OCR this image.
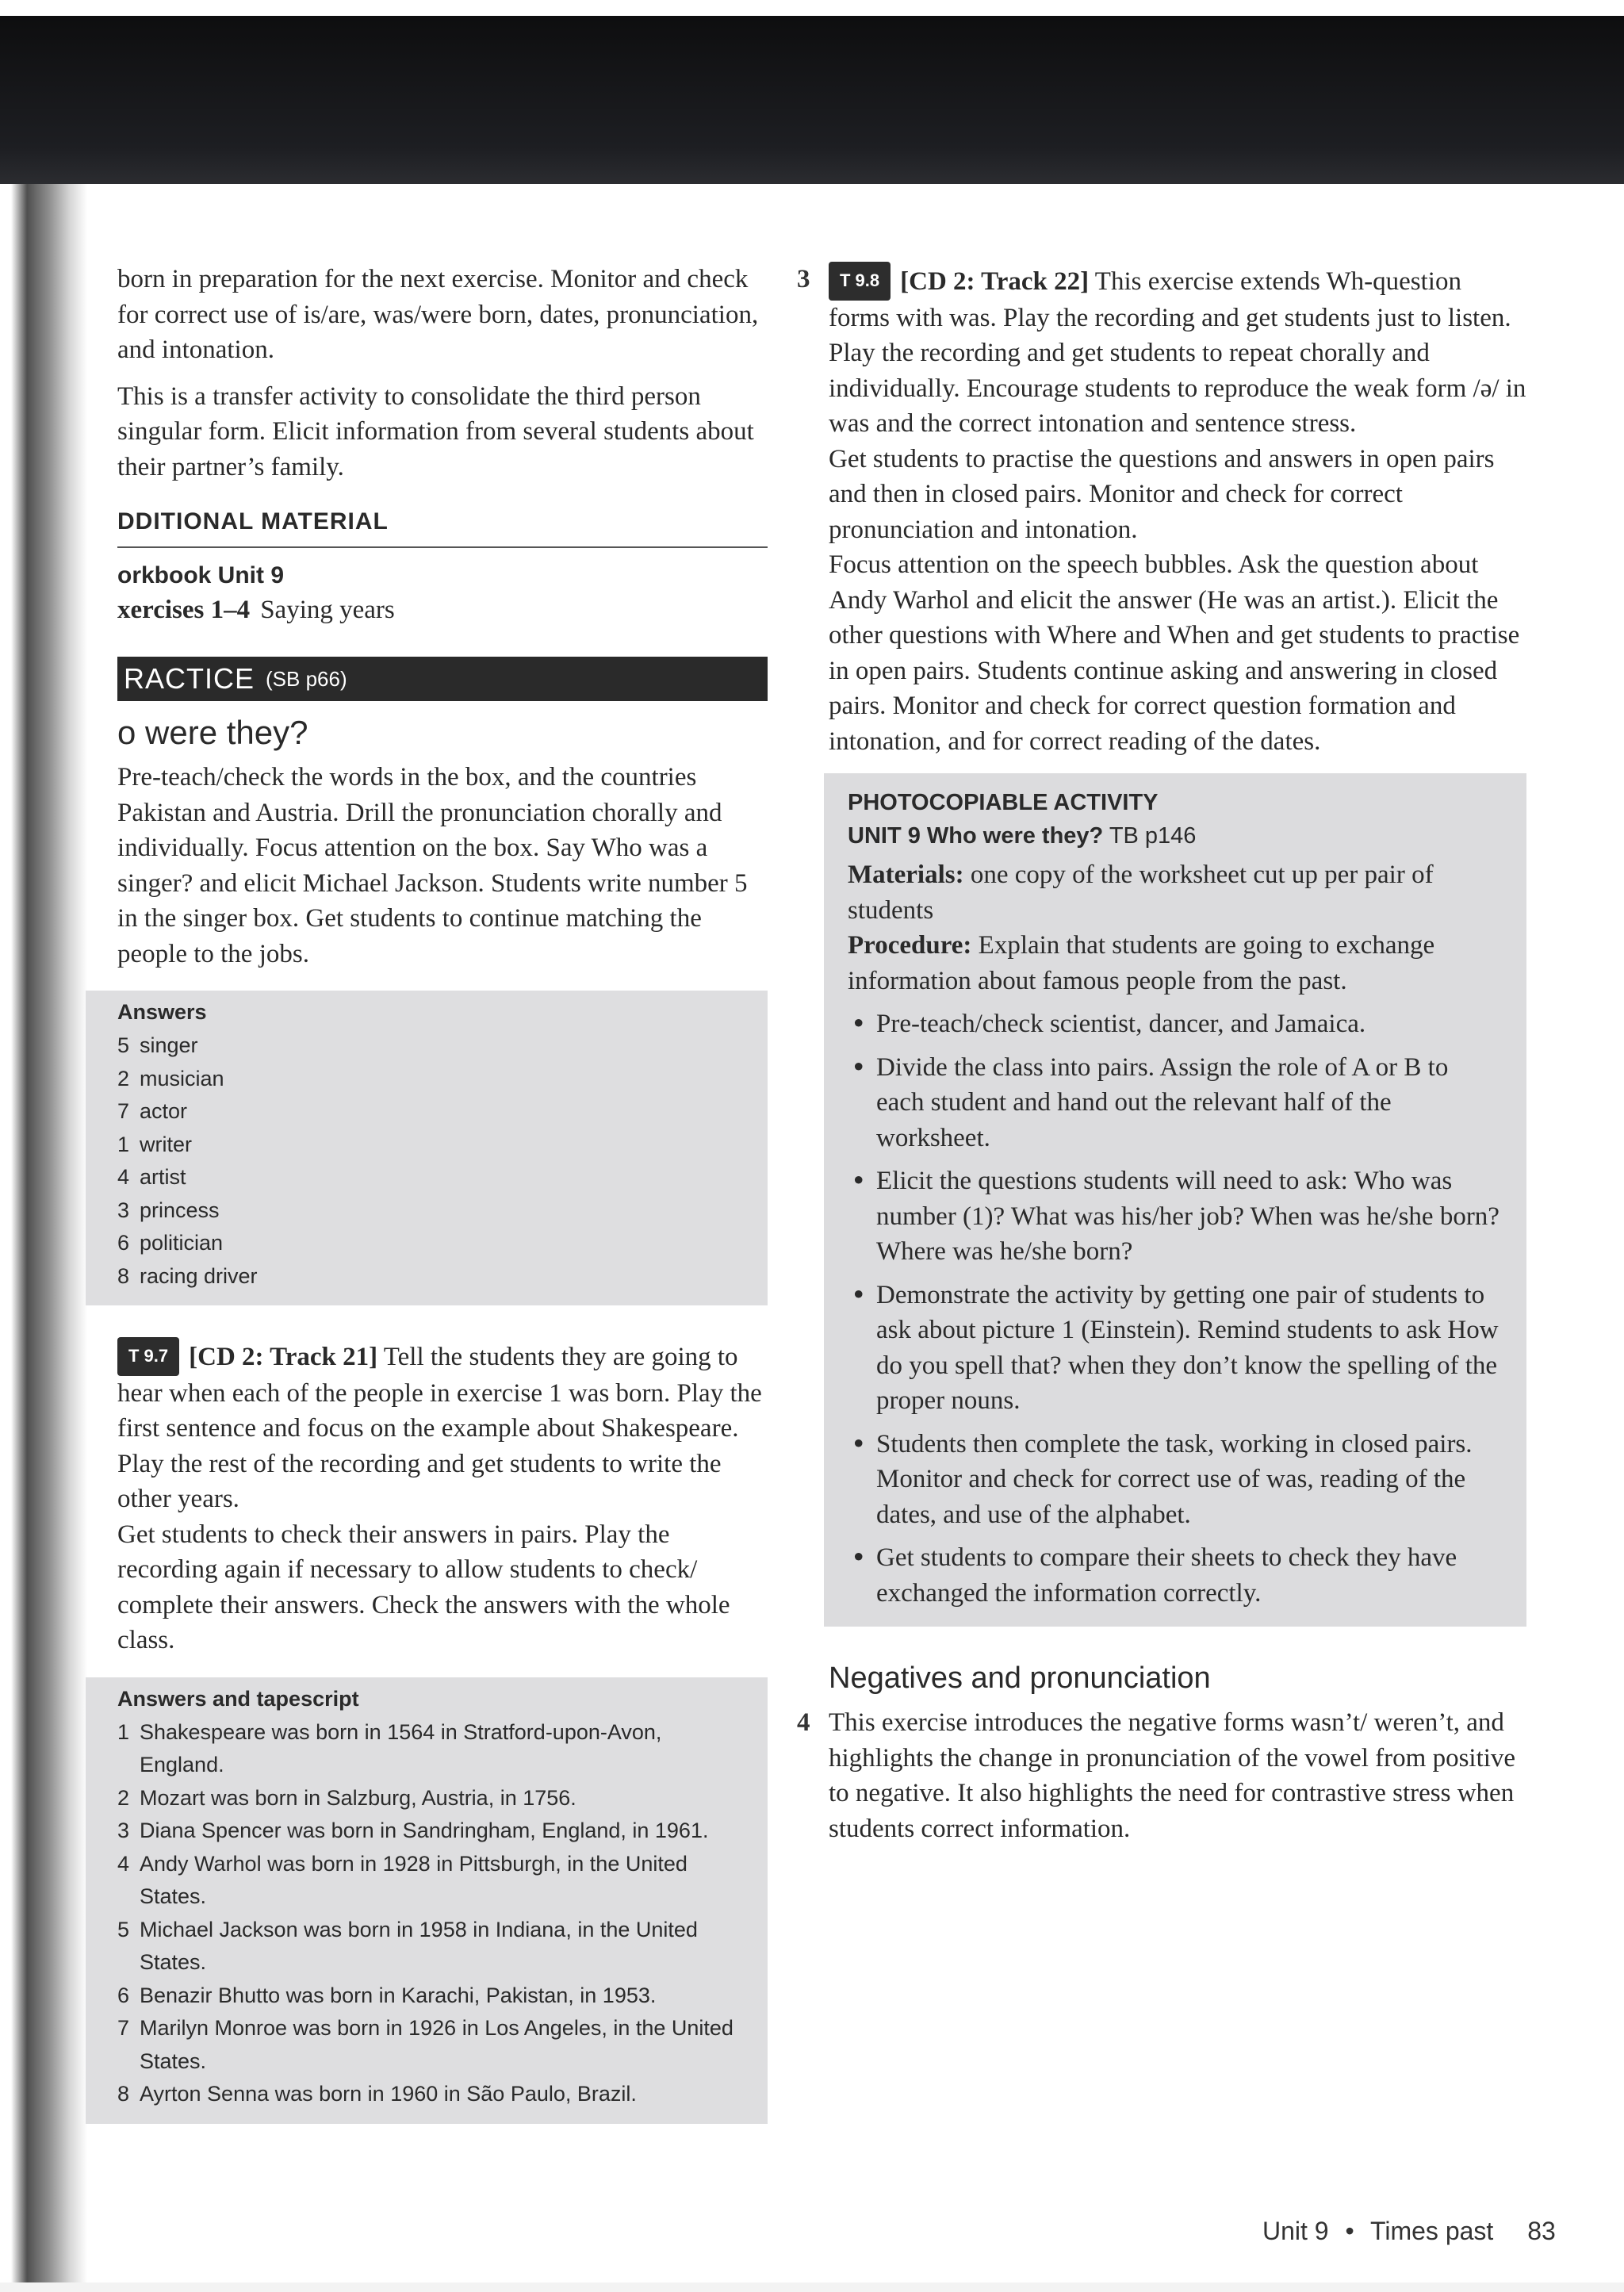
born in preparation for the next exercise. Monitor and check for correct use of is/are, was/were born, dates, pronunciation, and intonation.

This is a transfer activity to consolidate the third person singular form. Elicit information from several students about their partner’s family.

DDITIONAL MATERIAL
orkbook Unit 9
xercises 1–4 Saying years
RACTICE (SB p66)
o were they?

Pre-teach/check the words in the box, and the countries Pakistan and Austria. Drill the pronunciation chorally and individually. Focus attention on the box. Say Who was a singer? and elicit Michael Jackson. Students write number 5 in the singer box. Get students to continue matching the people to the jobs.

Answers
5 singer
2 musician
7 actor
1 writer
4 artist
3 princess
6 politician
8 racing driver

T 9.7 [CD 2: Track 21] Tell the students they are going to hear when each of the people in exercise 1 was born. Play the first sentence and focus on the example about Shakespeare. Play the rest of the recording and get students to write the other years.

Get students to check their answers in pairs. Play the recording again if necessary to allow students to check/ complete their answers. Check the answers with the whole class.

Answers and tapescript
1 Shakespeare was born in 1564 in Stratford-upon-Avon, England.
2 Mozart was born in Salzburg, Austria, in 1756.
3 Diana Spencer was born in Sandringham, England, in 1961.
4 Andy Warhol was born in 1928 in Pittsburgh, in the United States.
5 Michael Jackson was born in 1958 in Indiana, in the United States.
6 Benazir Bhutto was born in Karachi, Pakistan, in 1953.
7 Marilyn Monroe was born in 1926 in Los Angeles, in the United States.
8 Ayrton Senna was born in 1960 in São Paulo, Brazil.
3	T 9.8 [CD 2: Track 22] This exercise extends Wh-question forms with was. Play the recording and get students just to listen. Play the recording and get students to repeat chorally and individually. Encourage students to reproduce the weak form /ə/ in was and the correct intonation and sentence stress.

Get students to practise the questions and answers in open pairs and then in closed pairs. Monitor and check for correct pronunciation and intonation.

Focus attention on the speech bubbles. Ask the question about Andy Warhol and elicit the answer (He was an artist.). Elicit the other questions with Where and When and get students to practise in open pairs. Students continue asking and answering in closed pairs. Monitor and check for correct question formation and intonation, and for correct reading of the dates.

PHOTOCOPIABLE ACTIVITY
UNIT 9 Who were they? TB p146

Materials: one copy of the worksheet cut up per pair of students

Procedure: Explain that students are going to exchange information about famous people from the past.

• Pre-teach/check scientist, dancer, and Jamaica.

• Divide the class into pairs. Assign the role of A or B to each student and hand out the relevant half of the worksheet.

• Elicit the questions students will need to ask: Who was number (1)? What was his/her job? When was he/she born? Where was he/she born?

• Demonstrate the activity by getting one pair of students to ask about picture 1 (Einstein). Remind students to ask How do you spell that? when they don’t know the spelling of the proper nouns.

• Students then complete the task, working in closed pairs. Monitor and check for correct use of was, reading of the dates, and use of the alphabet.

• Get students to compare their sheets to check they have exchanged the information correctly.

Negatives and pronunciation
4 This exercise introduces the negative forms wasn’t/ weren’t, and highlights the change in pronunciation of the vowel from positive to negative. It also highlights the need for contrastive stress when students correct information.

Unit 9 • Times past 83
